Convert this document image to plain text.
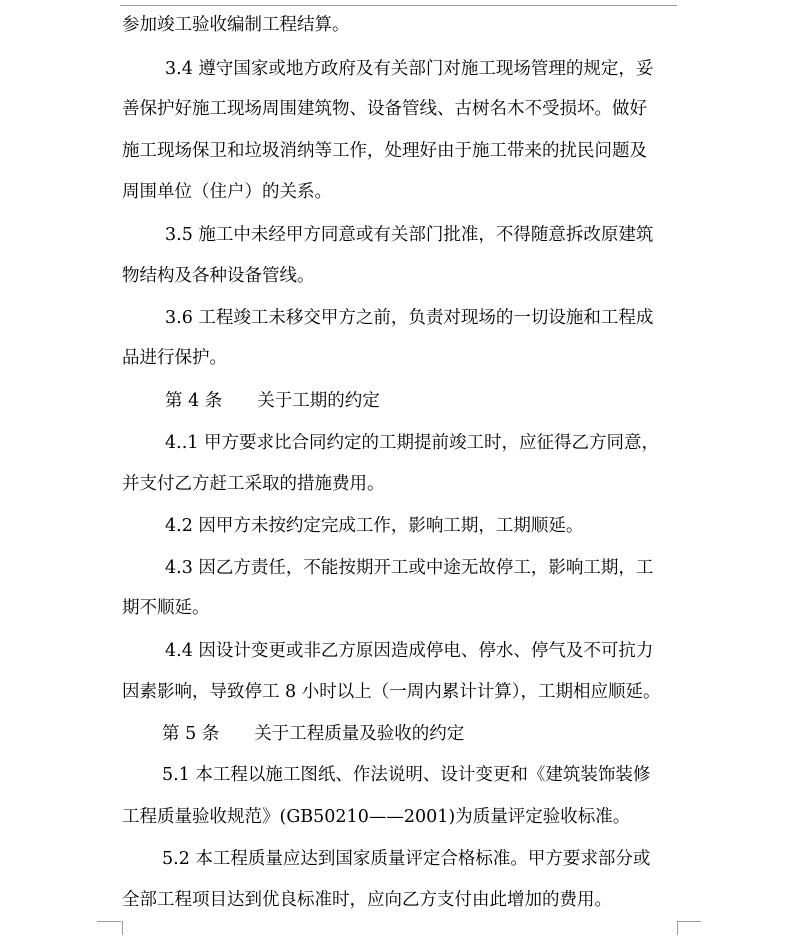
参加竣工验收编制工程结算。
3.4 遵守国家或地方政府及有关部门对施工现场管理的规定，妥
善保护好施工现场周围建筑物、设备管线、古树名木不受损坏。做好
施工现场保卫和垃圾消纳等工作，处理好由于施工带来的扰民问题及
周围单位（住户）的关系。
3.5 施工中未经甲方同意或有关部门批准，不得随意拆改原建筑
物结构及各种设备管线。
3.6 工程竣工未移交甲方之前，负责对现场的一切设施和工程成
品进行保护。
第 4 条　　关于工期的约定
4..1 甲方要求比合同约定的工期提前竣工时，应征得乙方同意，
并支付乙方赶工采取的措施费用。
4.2 因甲方未按约定完成工作，影响工期，工期顺延。
4.3 因乙方责任，不能按期开工或中途无故停工，影响工期，工
期不顺延。
4.4 因设计变更或非乙方原因造成停电、停水、停气及不可抗力
因素影响，导致停工 8 小时以上（一周内累计计算），工期相应顺延。
第 5 条　　关于工程质量及验收的约定
5.1 本工程以施工图纸、作法说明、设计变更和《建筑装饰装修
工程质量验收规范》(GB50210——2001)为质量评定验收标准。
5.2 本工程质量应达到国家质量评定合格标准。甲方要求部分或
全部工程项目达到优良标准时，应向乙方支付由此增加的费用。
